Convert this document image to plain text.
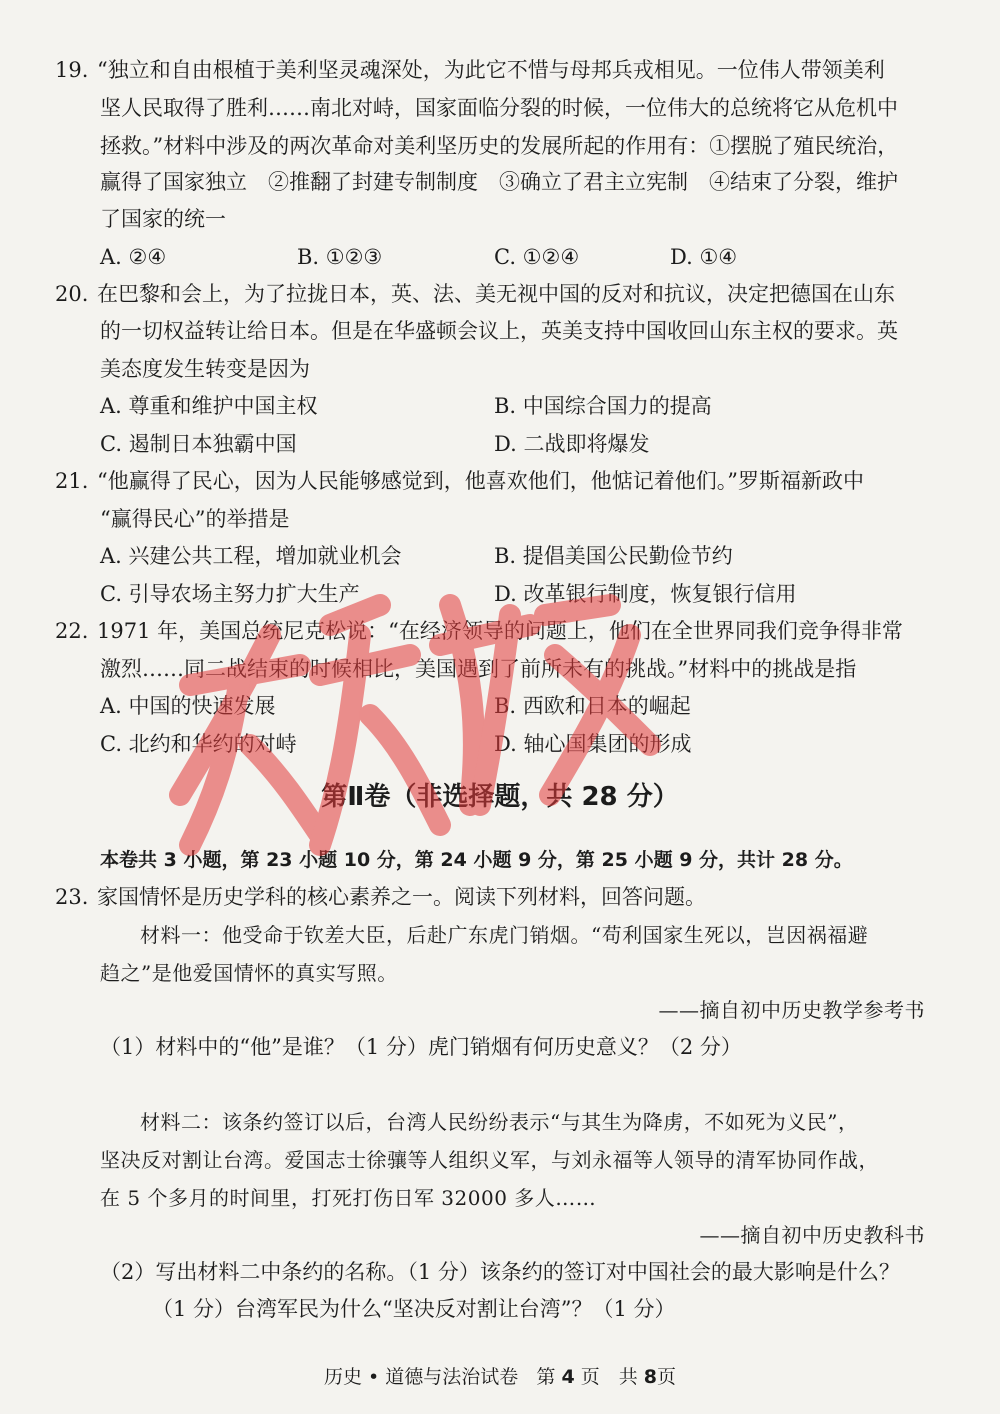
19. “独立和自由根植于美利坚灵魂深处，为此它不惜与母邦兵戎相见。一位伟人带领美利
坚人民取得了胜利……南北对峙，国家面临分裂的时候，一位伟大的总统将它从危机中
拯救。”材料中涉及的两次革命对美利坚历史的发展所起的作用有：①摆脱了殖民统治，
赢得了国家独立　②推翻了封建专制制度　③确立了君主立宪制　④结束了分裂，维护
了国家的统一
A. ②④	B. ①②③	C. ①②④	D. ①④
20. 在巴黎和会上，为了拉拢日本，英、法、美无视中国的反对和抗议，决定把德国在山东
的一切权益转让给日本。但是在华盛顿会议上，英美支持中国收回山东主权的要求。英
美态度发生转变是因为
A. 尊重和维护中国主权	B. 中国综合国力的提高
C. 遏制日本独霸中国	D. 二战即将爆发
21. “他赢得了民心，因为人民能够感觉到，他喜欢他们，他惦记着他们。”罗斯福新政中
“赢得民心”的举措是
A. 兴建公共工程，增加就业机会	B. 提倡美国公民勤俭节约
C. 引导农场主努力扩大生产	D. 改革银行制度，恢复银行信用
22. 1971 年，美国总统尼克松说：“在经济领导的问题上，他们在全世界同我们竞争得非常
激烈……同二战结束的时候相比，美国遇到了前所未有的挑战。”材料中的挑战是指
A. 中国的快速发展	B. 西欧和日本的崛起
C. 北约和华约的对峙	D. 轴心国集团的形成
第Ⅱ卷（非选择题，共 28 分）
本卷共 3 小题，第 23 小题 10 分，第 24 小题 9 分，第 25 小题 9 分，共计 28 分。
23. 家国情怀是历史学科的核心素养之一。阅读下列材料，回答问题。
材料一：他受命于钦差大臣，后赴广东虎门销烟。“苟利国家生死以，岂因祸福避
趋之”是他爱国情怀的真实写照。
——摘自初中历史教学参考书
（1）材料中的“他”是谁？（1 分）虎门销烟有何历史意义？（2 分）
材料二：该条约签订以后，台湾人民纷纷表示“与其生为降虏，不如死为义民”，
坚决反对割让台湾。爱国志士徐骧等人组织义军，与刘永福等人领导的清军协同作战，
在 5 个多月的时间里，打死打伤日军 32000 多人……
——摘自初中历史教科书
（2）写出材料二中条约的名称。（1 分）该条约的签订对中国社会的最大影响是什么？
（1 分）台湾军民为什么“坚决反对割让台湾”？（1 分）
历史 • 道德与法治试卷 第 4 页　共 8页
